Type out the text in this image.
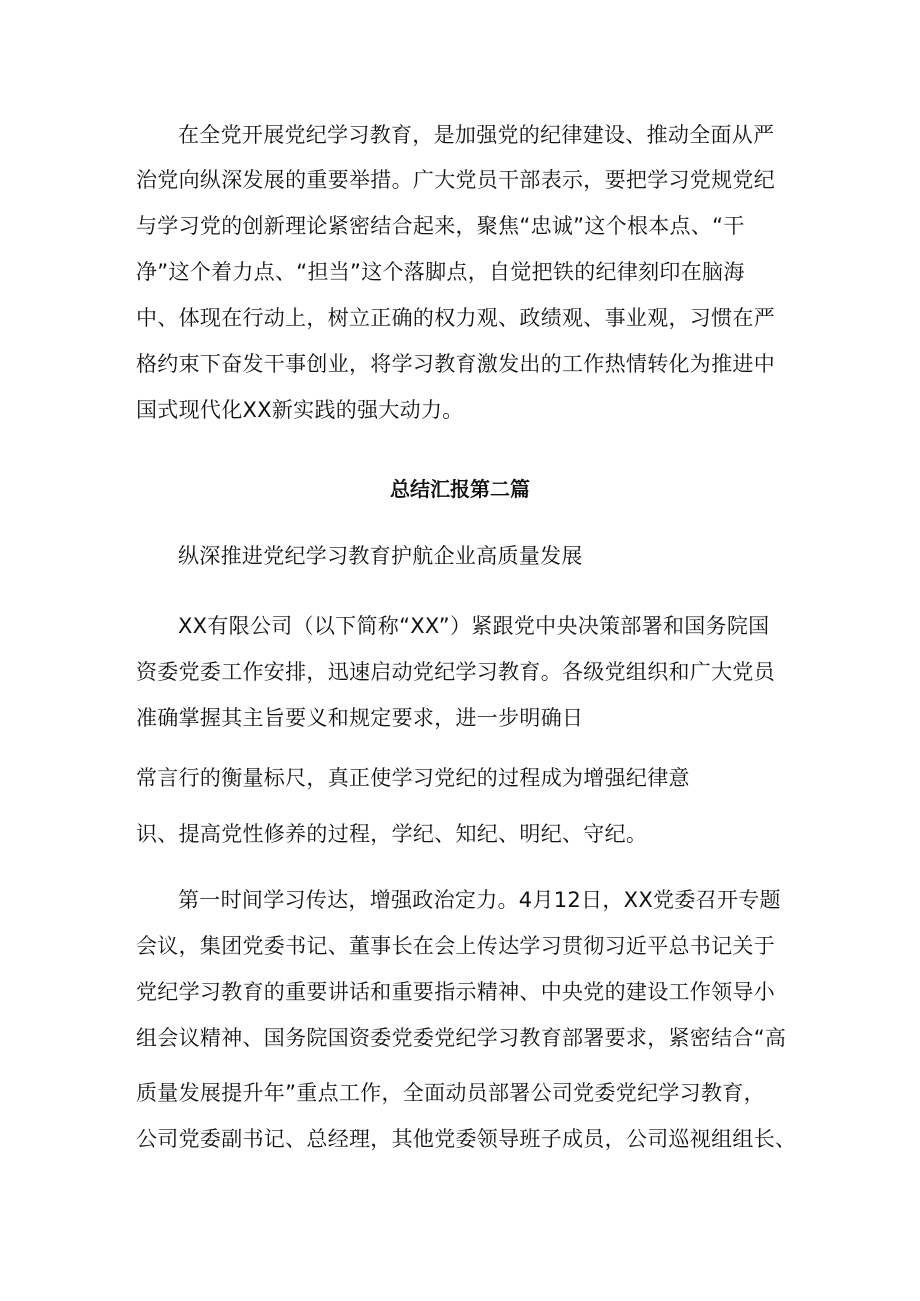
在全党开展党纪学习教育，是加强党的纪律建设、推动全面从严
治党向纵深发展的重要举措。广大党员干部表示，要把学习党规党纪
与学习党的创新理论紧密结合起来，聚焦“忠诚”这个根本点、“干
净”这个着力点、“担当”这个落脚点，自觉把铁的纪律刻印在脑海
中、体现在行动上，树立正确的权力观、政绩观、事业观，习惯在严
格约束下奋发干事创业，将学习教育激发出的工作热情转化为推进中
国式现代化XX新实践的强大动力。
总结汇报第二篇
纵深推进党纪学习教育护航企业高质量发展
XX有限公司（以下简称“XX”）紧跟党中央决策部署和国务院国
资委党委工作安排，迅速启动党纪学习教育。各级党组织和广大党员
准确掌握其主旨要义和规定要求，进一步明确日
常言行的衡量标尺，真正使学习党纪的过程成为增强纪律意
识、提高党性修养的过程，学纪、知纪、明纪、守纪。
第一时间学习传达，增强政治定力。4月12日，XX党委召开专题
会议，集团党委书记、董事长在会上传达学习贯彻习近平总书记关于
党纪学习教育的重要讲话和重要指示精神、中央党的建设工作领导小
组会议精神、国务院国资委党委党纪学习教育部署要求，紧密结合“高
质量发展提升年”重点工作，全面动员部署公司党委党纪学习教育，
公司党委副书记、总经理，其他党委领导班子成员，公司巡视组组长、
